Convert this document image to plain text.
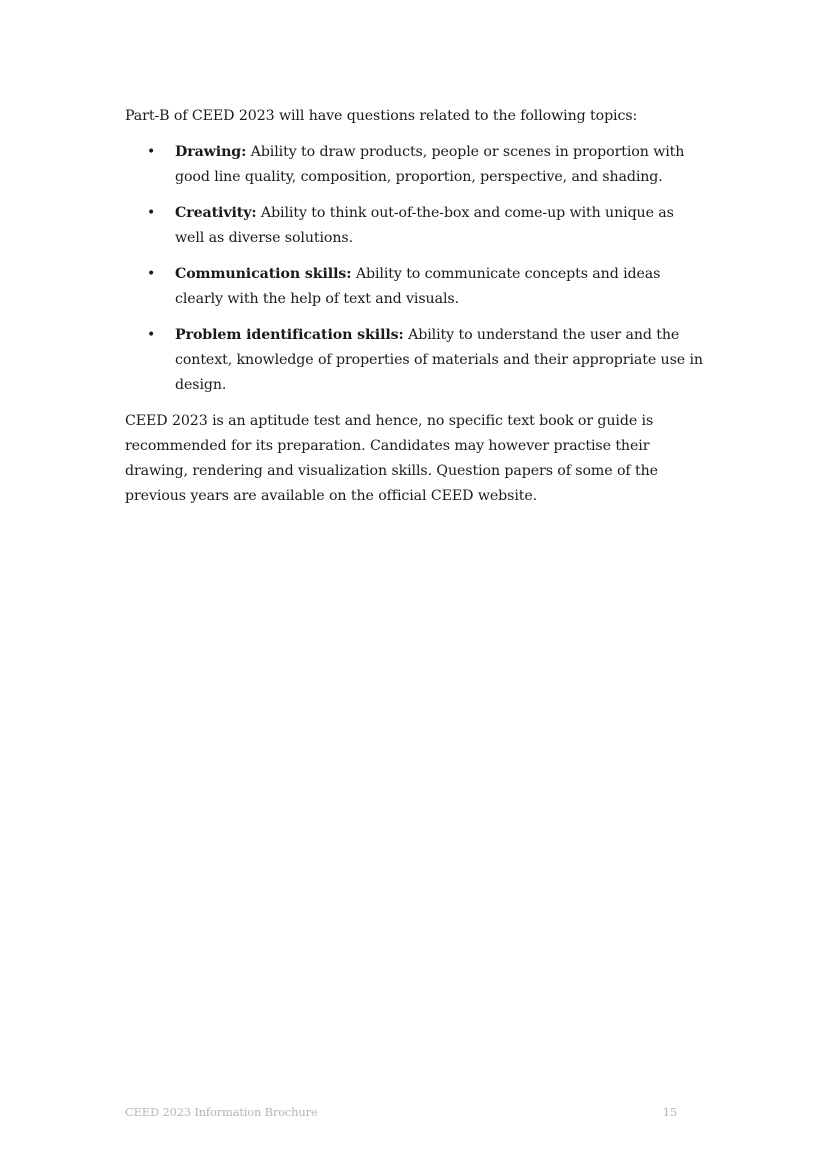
Part-B of CEED 2023 will have questions related to the following topics:

• Drawing: Ability to draw products, people or scenes in proportion with good line quality, composition, proportion, perspective, and shading.
• Creativity: Ability to think out-of-the-box and come-up with unique as well as diverse solutions.
• Communication skills: Ability to communicate concepts and ideas clearly with the help of text and visuals.
• Problem identification skills: Ability to understand the user and the context, knowledge of properties of materials and their appropriate use in design.

CEED 2023 is an aptitude test and hence, no specific text book or guide is recommended for its preparation. Candidates may however practise their drawing, rendering and visualization skills. Question papers of some of the previous years are available on the official CEED website.

CEED 2023 Information Brochure	15
